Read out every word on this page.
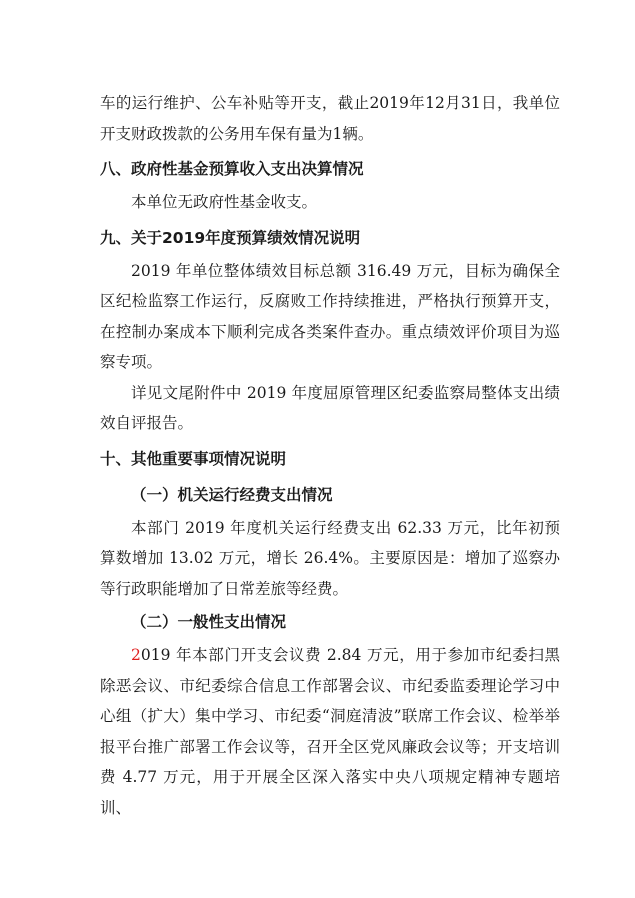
车的运行维护、公车补贴等开支，截止2019年12月31日，我单位开支财政拨款的公务用车保有量为1辆。

八、政府性基金预算收入支出决算情况

本单位无政府性基金收支。

九、关于2019年度预算绩效情况说明

2019 年单位整体绩效目标总额 316.49 万元，目标为确保全区纪检监察工作运行，反腐败工作持续推进，严格执行预算开支，在控制办案成本下顺利完成各类案件查办。重点绩效评价项目为巡察专项。

详见文尾附件中 2019 年度屈原管理区纪委监察局整体支出绩效自评报告。

十、其他重要事项情况说明

（一）机关运行经费支出情况

本部门 2019 年度机关运行经费支出 62.33 万元，比年初预算数增加 13.02 万元，增长 26.4%。主要原因是：增加了巡察办等行政职能增加了日常差旅等经费。

（二）一般性支出情况

2019 年本部门开支会议费 2.84 万元，用于参加市纪委扫黑除恶会议、市纪委综合信息工作部署会议、市纪委监委理论学习中心组（扩大）集中学习、市纪委“洞庭清波”联席工作会议、检举举报平台推广部署工作会议等，召开全区党风廉政会议等；开支培训费 4.77 万元，用于开展全区深入落实中央八项规定精神专题培训、
